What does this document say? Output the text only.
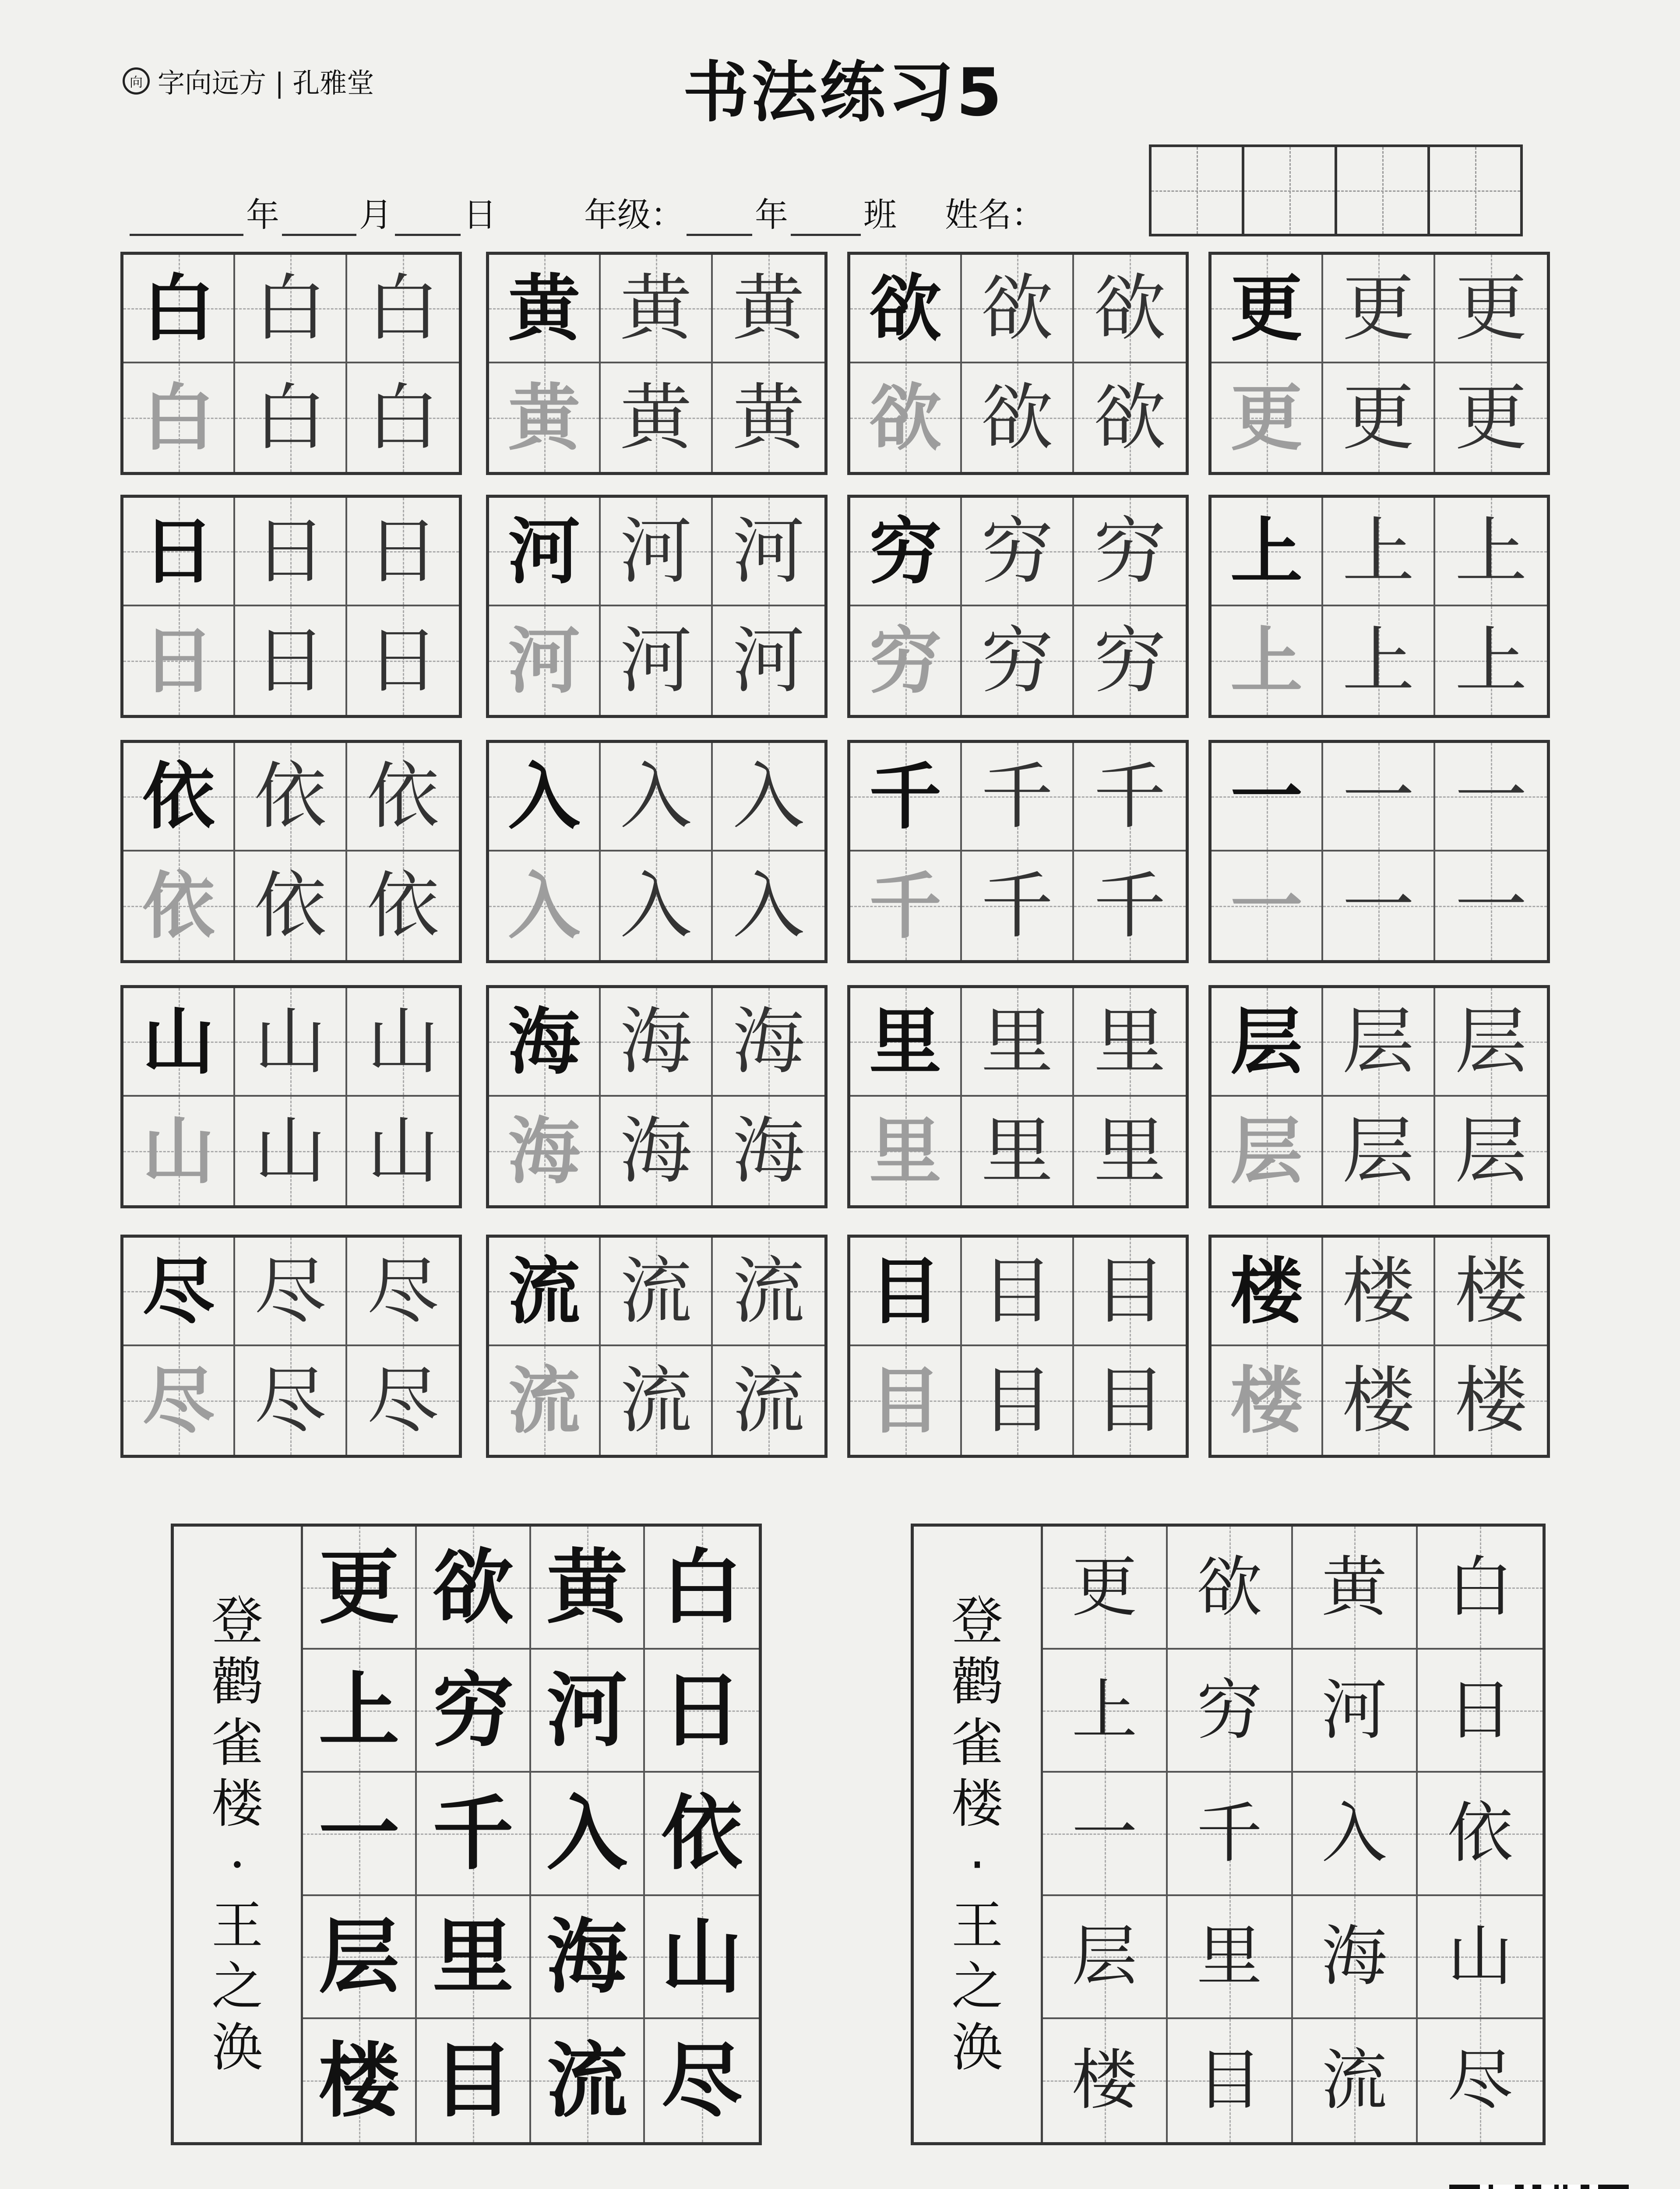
向 字向远方 | 孔雅堂	书法练习5
年 月 日	年级： 年 班 姓名：
白 白 白
白 白 白
黄 黄 黄
黄 黄 黄
欲 欲 欲
欲 欲 欲
更 更 更
更 更 更
日 日 日
日 日 日
河 河 河
河 河 河
穷 穷 穷
穷 穷 穷
上 上 上
上 上 上
依 依 依
依 依 依
入 入 入
入 入 入
千 千 千
千 千 千
一 一 一
一 一 一
山 山 山
山 山 山
海 海 海
海 海 海
里 里 里
里 里 里
层 层 层
层 层 层
尽 尽 尽
尽 尽 尽
流 流 流
流 流 流
目 目 目
目 目 目
楼 楼 楼
楼 楼 楼
登
鹳
雀
楼
·
王
之
涣
更 欲 黄 白
上 穷 河 日
一 千 入 依
层 里 海 山
楼 目 流 尽
登
鹳
雀
楼
·
王
之
涣
更 欲 黄 白
上 穷 河 日
一 千 入 依
层 里 海 山
楼 目 流 尽
